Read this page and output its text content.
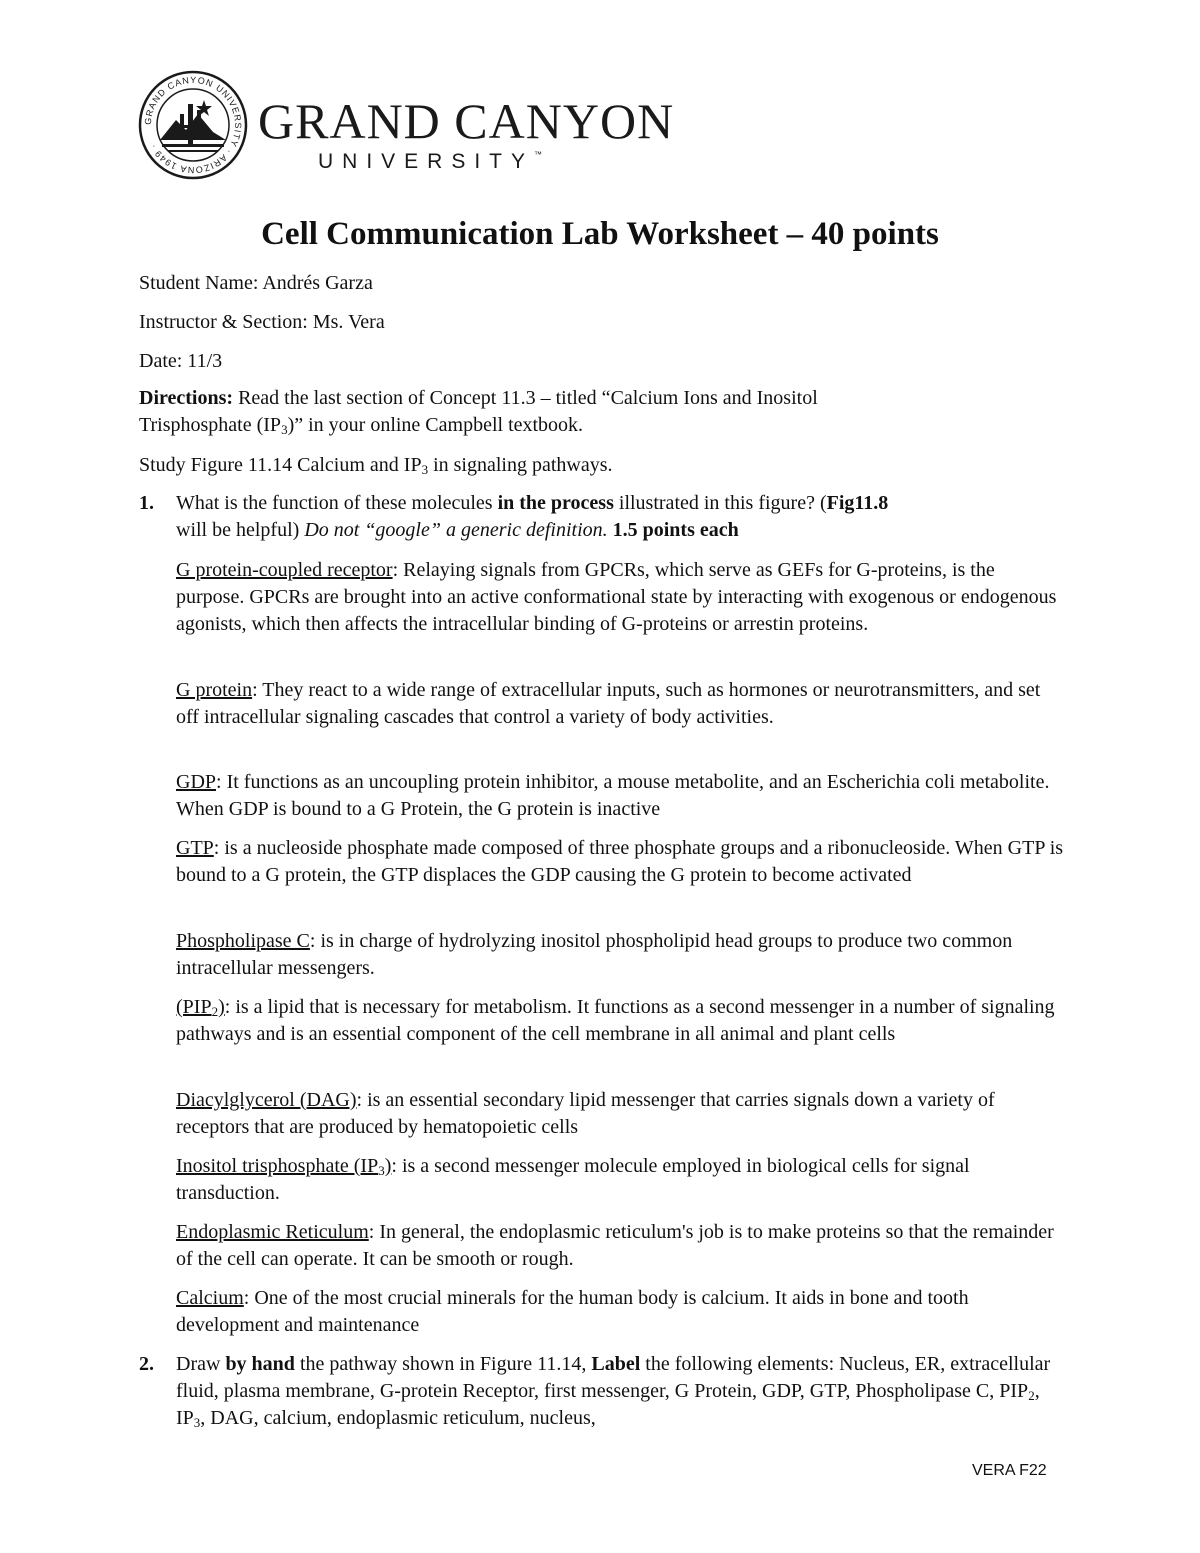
GRAND CANYON UNIVERSITY · ARIZONA 1949 ·	GRAND CANYON
UNIVERSITY™
Cell Communication Lab Worksheet – 40 points
Student Name: Andrés Garza
Instructor & Section: Ms. Vera
Date: 11/3
Directions: Read the last section of Concept 11.3 – titled “Calcium Ions and Inositol
Trisphosphate $(IP_3)$” in your online Campbell textbook.
Study Figure 11.14 Calcium and $IP_3$ in signaling pathways.
1. What is the function of these molecules in the process illustrated in this figure? (Fig11.8
will be helpful) Do not “google” a generic definition. 1.5 points each
G protein-coupled receptor: Relaying signals from GPCRs, which serve as GEFs for G-proteins, is the purpose. GPCRs are brought into an active conformational state by interacting with exogenous or endogenous agonists, which then affects the intracellular binding of G-proteins or arrestin proteins.
G protein: They react to a wide range of extracellular inputs, such as hormones or neurotransmitters, and set off intracellular signaling cascades that control a variety of body activities.
GDP: It functions as an uncoupling protein inhibitor, a mouse metabolite, and an Escherichia coli metabolite. When GDP is bound to a G Protein, the G protein is inactive
GTP: is a nucleoside phosphate made composed of three phosphate groups and a ribonucleoside. When GTP is bound to a G protein, the GTP displaces the GDP causing the G protein to become activated
Phospholipase C: is in charge of hydrolyzing inositol phospholipid head groups to produce two common intracellular messengers.
$(PIP_2)$: is a lipid that is necessary for metabolism. It functions as a second messenger in a number of signaling pathways and is an essential component of the cell membrane in all animal and plant cells
Diacylglycerol (DAG): is an essential secondary lipid messenger that carries signals down a variety of receptors that are produced by hematopoietic cells
Inositol trisphosphate $(IP_3)$: is a second messenger molecule employed in biological cells for signal transduction.
Endoplasmic Reticulum: In general, the endoplasmic reticulum's job is to make proteins so that the remainder of the cell can operate. It can be smooth or rough.
Calcium: One of the most crucial minerals for the human body is calcium. It aids in bone and tooth development and maintenance
2. Draw by hand the pathway shown in Figure 11.14, Label the following elements: Nucleus, ER, extracellular fluid, plasma membrane, G-protein Receptor, first messenger, G Protein, GDP, GTP, Phospholipase C, $PIP_2$, $IP_3$, DAG, calcium, endoplasmic reticulum, nucleus,
VERA F22
